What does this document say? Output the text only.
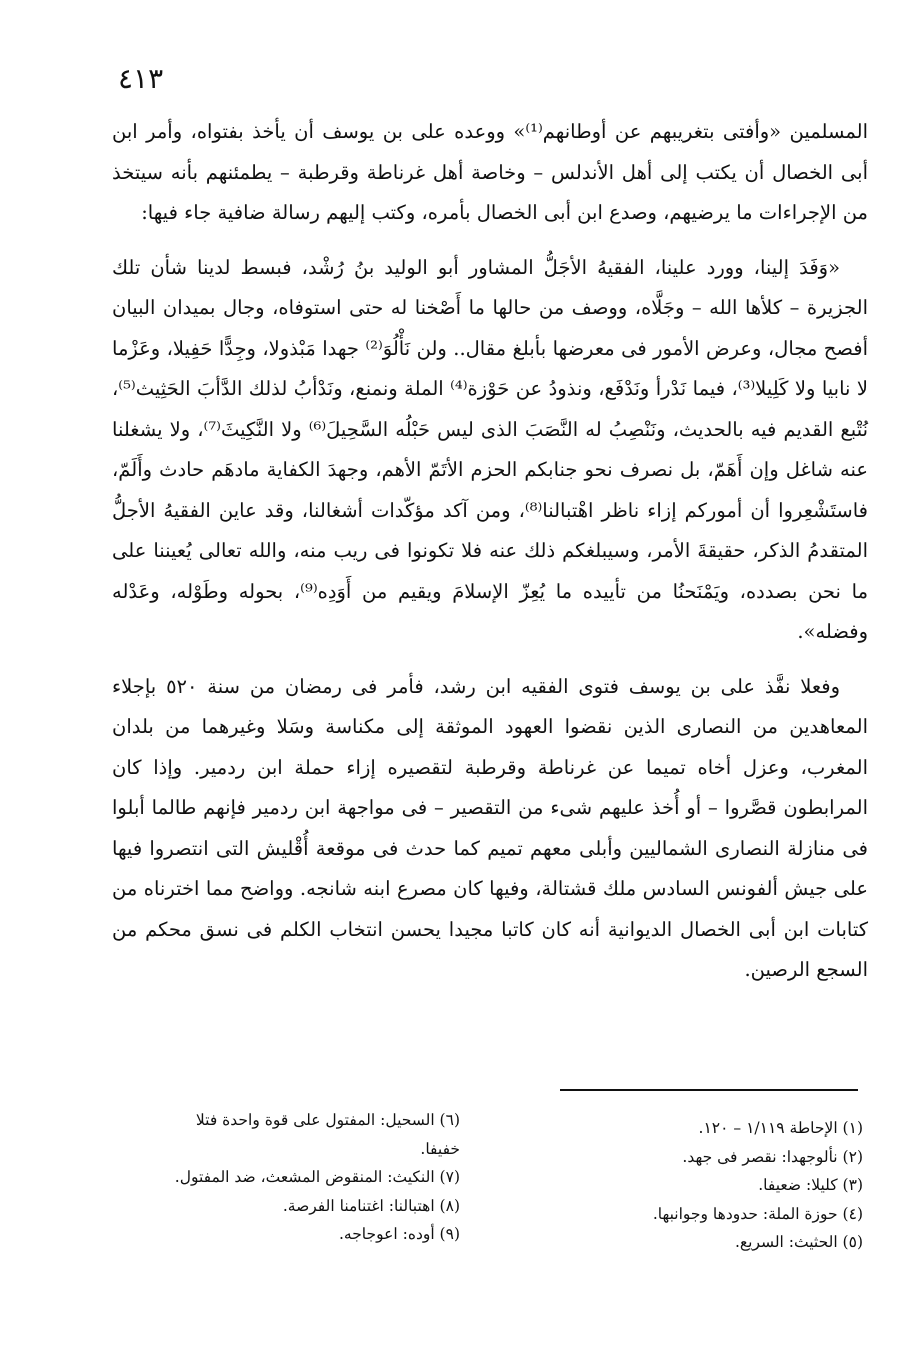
٤١٣

المسلمين «وأفتى بتغريبهم عن أوطانهم⁽¹⁾» ووعده على بن يوسف أن يأخذ بفتواه، وأمر ابن أبى الخصال أن يكتب إلى أهل الأندلس – وخاصة أهل غرناطة وقرطبة – يطمئنهم بأنه سيتخذ من الإجراءات ما يرضيهم، وصدع ابن أبى الخصال بأمره، وكتب إليهم رسالة ضافية جاء فيها:

«وَفَدَ إلينا، وورد علينا، الفقيهُ الأجَلُّ المشاور أبو الوليد بنُ رُشْد، فبسط لدينا شأن تلك الجزيرة – كلأها الله – وجَلَّاه، ووصف من حالها ما أَصْخنا له حتى استوفاه، وجال بميدان البيان أفصح مجال، وعرض الأمور فى معرضها بأبلغ مقال.. ولن نَأْلُوَ⁽²⁾ جهدا مَبْذولا، وجِدًّا حَفِيلا، وعَزْما لا نابيا ولا كَلِيلا⁽³⁾، فيما نَدْرأ ونَدْفَع، ونذودُ عن حَوْزة⁽⁴⁾ الملة ونمنع، ونَدْأبُ لذلك الدَّأبَ الحَثِيث⁽⁵⁾، نُتْبع القديم فيه بالحديث، ونَنْصِبُ له النَّصَبَ الذى ليس حَبْلُه السَّحِيلَ⁽⁶⁾ ولا النَّكِيثَ⁽⁷⁾، ولا يشغلنا عنه شاغل وإن أَهَمّ، بل نصرف نحو جنابكم الحزم الأتَمّ الأهم، وجهدَ الكفاية مادهَم حادث وأَلَمّ، فاستَشْعِروا أن أموركم إزاء ناظر اهْتبالنا⁽⁸⁾، ومن آكد مؤكّدات أشغالنا، وقد عاين الفقيهُ الأجلُّ المتقدمُ الذكر، حقيقةَ الأمر، وسيبلغكم ذلك عنه فلا تكونوا فى ريب منه، والله تعالى يُعيننا على ما نحن بصدده، ويَمْنَحنُا من تأييده ما يُعِزّ الإسلامَ ويقيم من أَوَدِه⁽⁹⁾، بحوله وطَوْله، وعَدْله وفضله».

وفعلا نفَّذ على بن يوسف فتوى الفقيه ابن رشد، فأمر فى رمضان من سنة ٥٢٠ بإجلاء المعاهدين من النصارى الذين نقضوا العهود الموثقة إلى مكناسة وسَلا وغيرهما من بلدان المغرب، وعزل أخاه تميما عن غرناطة وقرطبة لتقصيره إزاء حملة ابن ردمير. وإذا كان المرابطون قصَّروا – أو أُخذ عليهم شىء من التقصير – فى مواجهة ابن ردمير فإنهم طالما أبلوا فى منازلة النصارى الشماليين وأبلى معهم تميم كما حدث فى موقعة أُقْليش التى انتصروا فيها على جيش ألفونس السادس ملك قشتالة، وفيها كان مصرع ابنه شانجه. وواضح مما اخترناه من كتابات ابن أبى الخصال الديوانية أنه كان كاتبا مجيدا يحسن انتخاب الكلم فى نسق محكم من السجع الرصين.

(١) الإحاطة ١/١١٩ – ١٢٠.
(٢) نألوجهدا: نقصر فى جهد.
(٣) كليلا: ضعيفا.
(٤) حوزة الملة: حدودها وجوانبها.
(٥) الحثيث: السريع.
(٦) السحيل: المفتول على قوة واحدة فتلا
خفيفا.
(٧) النكيث: المنقوض المشعث، ضد المفتول.
(٨) اهتبالنا: اغتنامنا الفرصة.
(٩) أوده: اعوجاجه.
